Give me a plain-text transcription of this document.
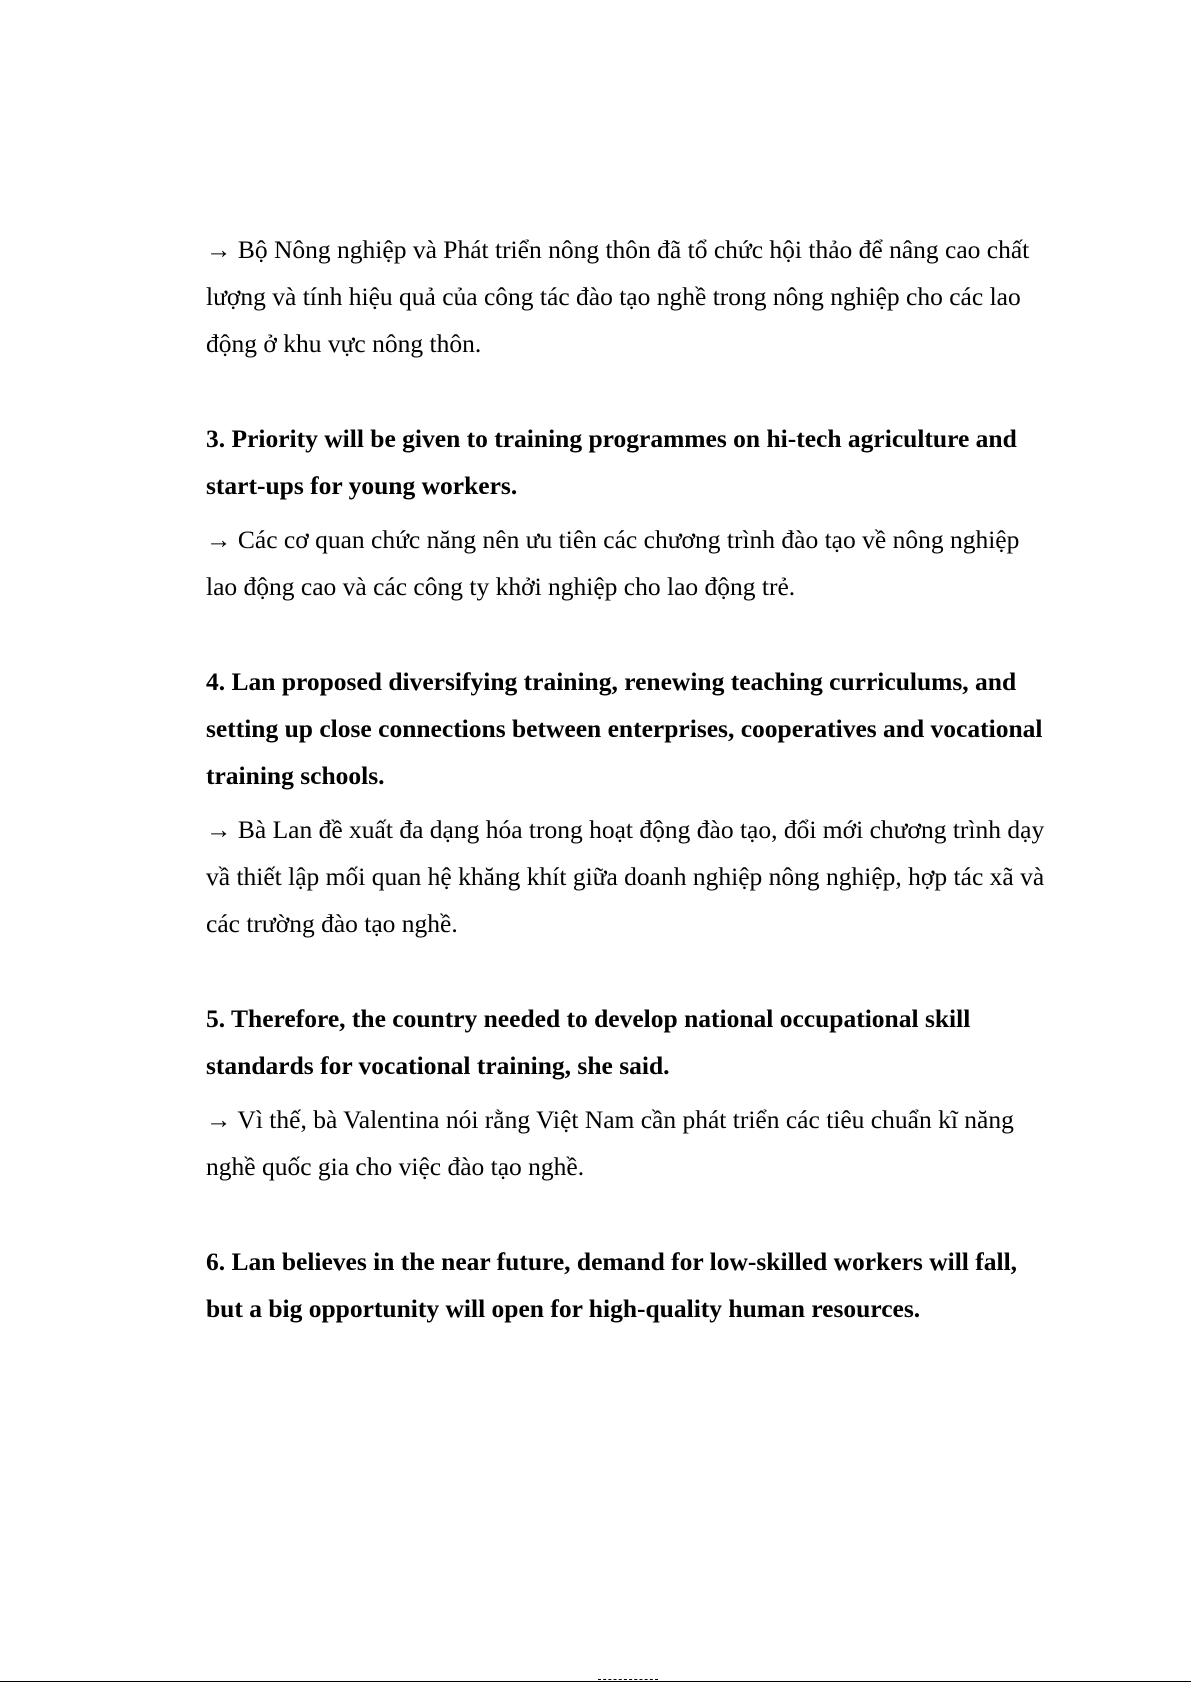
→ Bộ Nông nghiệp và Phát triển nông thôn đã tổ chức hội thảo để nâng cao chất lượng và tính hiệu quả của công tác đào tạo nghề trong nông nghiệp cho các lao động ở khu vực nông thôn.

3. Priority will be given to training programmes on hi-tech agriculture and start-ups for young workers.

→ Các cơ quan chức năng nên ưu tiên các chương trình đào tạo về nông nghiệp lao động cao và các công ty khởi nghiệp cho lao động trẻ.

4. Lan proposed diversifying training, renewing teaching curriculums, and setting up close connections between enterprises, cooperatives and vocational training schools.

→ Bà Lan đề xuất đa dạng hóa trong hoạt động đào tạo, đổi mới chương trình dạy vầ thiết lập mối quan hệ khăng khít giữa doanh nghiệp nông nghiệp, hợp tác xã và các trường đào tạo nghề.

5. Therefore, the country needed to develop national occupational skill standards for vocational training, she said.

→ Vì thế, bà Valentina nói rằng Việt Nam cần phát triển các tiêu chuẩn kĩ năng nghề quốc gia cho việc đào tạo nghề.

6. Lan believes in the near future, demand for low-skilled workers will fall, but a big opportunity will open for high-quality human resources.
